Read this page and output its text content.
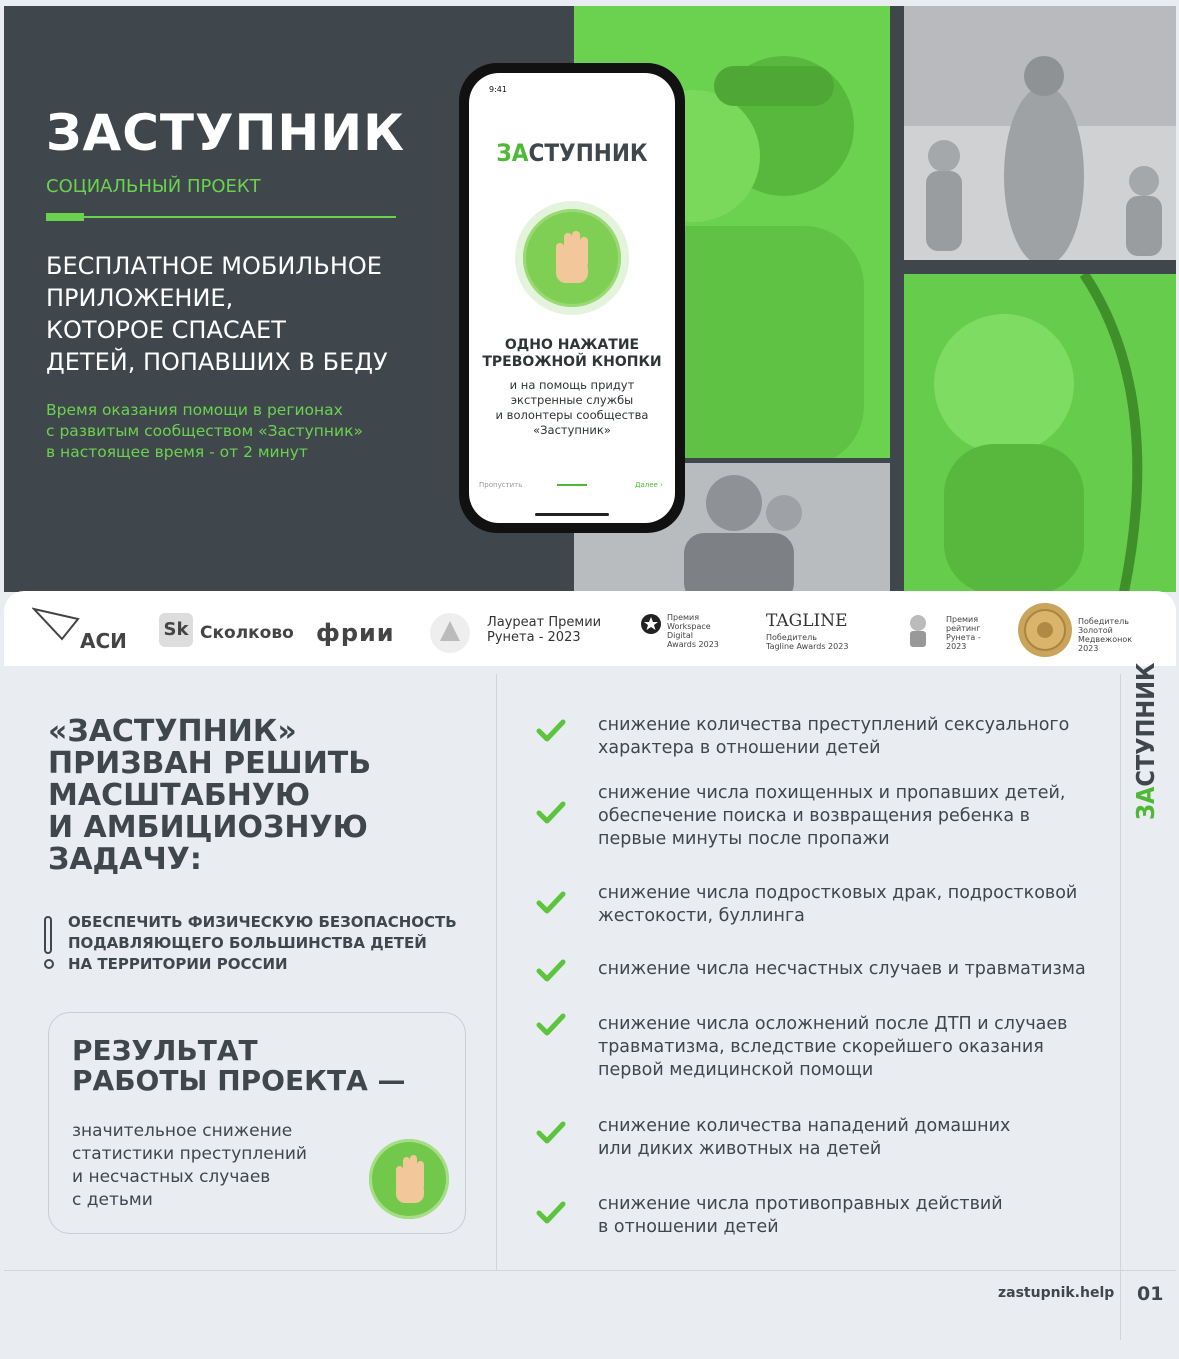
ЗАСТУПНИК
СОЦИАЛЬНЫЙ ПРОЕКТ
БЕСПЛАТНОЕ МОБИЛЬНОЕ
ПРИЛОЖЕНИЕ,
КОТОРОЕ СПАСАЕТ
ДЕТЕЙ, ПОПАВШИХ В БЕДУ
Время оказания помощи в регионах
с развитым сообществом «Заступник»
в настоящее время - от 2 минут
9:41
ЗАСТУПНИК
ОДНО НАЖАТИЕ
ТРЕВОЖНОЙ КНОПКИ
и на помощь придут
экстренные службы
и волонтеры сообщества
«Заступник»
Пропустить	Далее ›
АСИ Sk Сколково фрии	Лауреат Премии
Рунета - 2023
Премия
Workspace
Digital
Awards 2023
TAGLINE
Победитель
Tagline Awards 2023
Премия
рейтинг
Рунета -
2023
Победитель
Золотой
Медвежонок
2023
«ЗАСТУПНИК»
ПРИЗВАН РЕШИТЬ
МАСШТАБНУЮ
И АМБИЦИОЗНУЮ
ЗАДАЧУ:
ОБЕСПЕЧИТЬ ФИЗИЧЕСКУЮ БЕЗОПАСНОСТЬ
ПОДАВЛЯЮЩЕГО БОЛЬШИНСТВА ДЕТЕЙ
НА ТЕРРИТОРИИ РОССИИ
РЕЗУЛЬТАТ
РАБОТЫ ПРОЕКТА —
значительное снижение
статистики преступлений
и несчастных случаев
с детьми
снижение количества преступлений сексуального
характера в отношении детей
снижение числа похищенных и пропавших детей,
обеспечение поиска и возвращения ребенка в
первые минуты после пропажи
снижение числа подростковых драк, подростковой
жестокости, буллинга
снижение числа несчастных случаев и травматизма
снижение числа осложнений после ДТП и случаев
травматизма, вследствие скорейшего оказания
первой медицинской помощи
снижение количества нападений домашних
или диких животных на детей
снижение числа противоправных действий
в отношении детей
ЗАСТУПНИК
zastupnik.help 01
